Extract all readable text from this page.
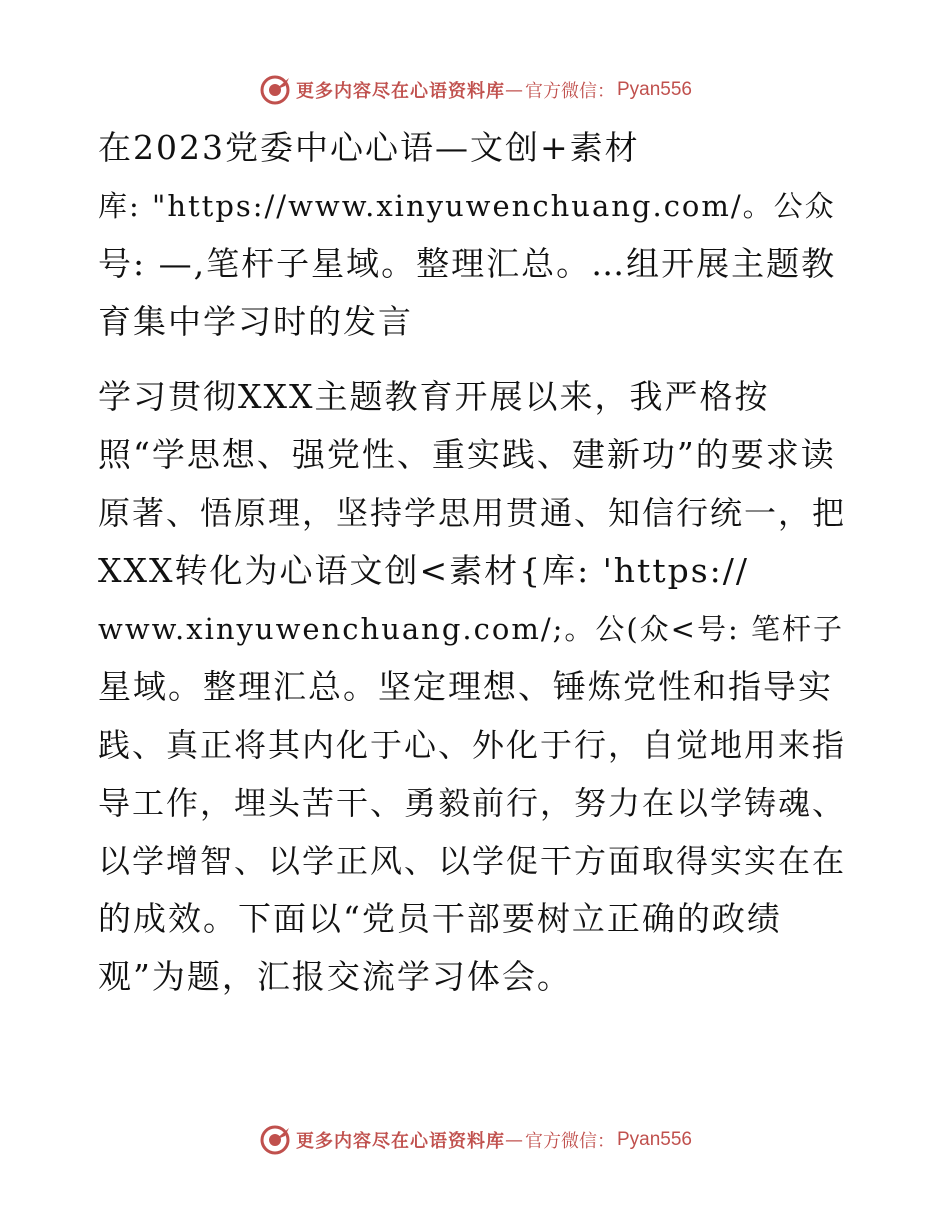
更多内容尽在心语资料库 — 官方微信： Pyan556
在2023党委中心心语—文创+素材
库: "https://www.xinyuwenchuang.com/。公众
号: —,笔杆子星域。整理汇总。…组开展主题教
育集中学习时的发言
学习贯彻XXX主题教育开展以来，我严格按
照“学思想、强党性、重实践、建新功”的要求读
原著、悟原理，坚持学思用贯通、知信行统一，把
XXX转化为心语文创<素材{库: 'https://
www.xinyuwenchuang.com/;。公(众<号: 笔杆子
星域。整理汇总。坚定理想、锤炼党性和指导实
践、真正将其内化于心、外化于行，自觉地用来指
导工作，埋头苦干、勇毅前行，努力在以学铸魂、
以学增智、以学正风、以学促干方面取得实实在在
的成效。下面以“党员干部要树立正确的政绩
观”为题，汇报交流学习体会。
更多内容尽在心语资料库 — 官方微信： Pyan556
